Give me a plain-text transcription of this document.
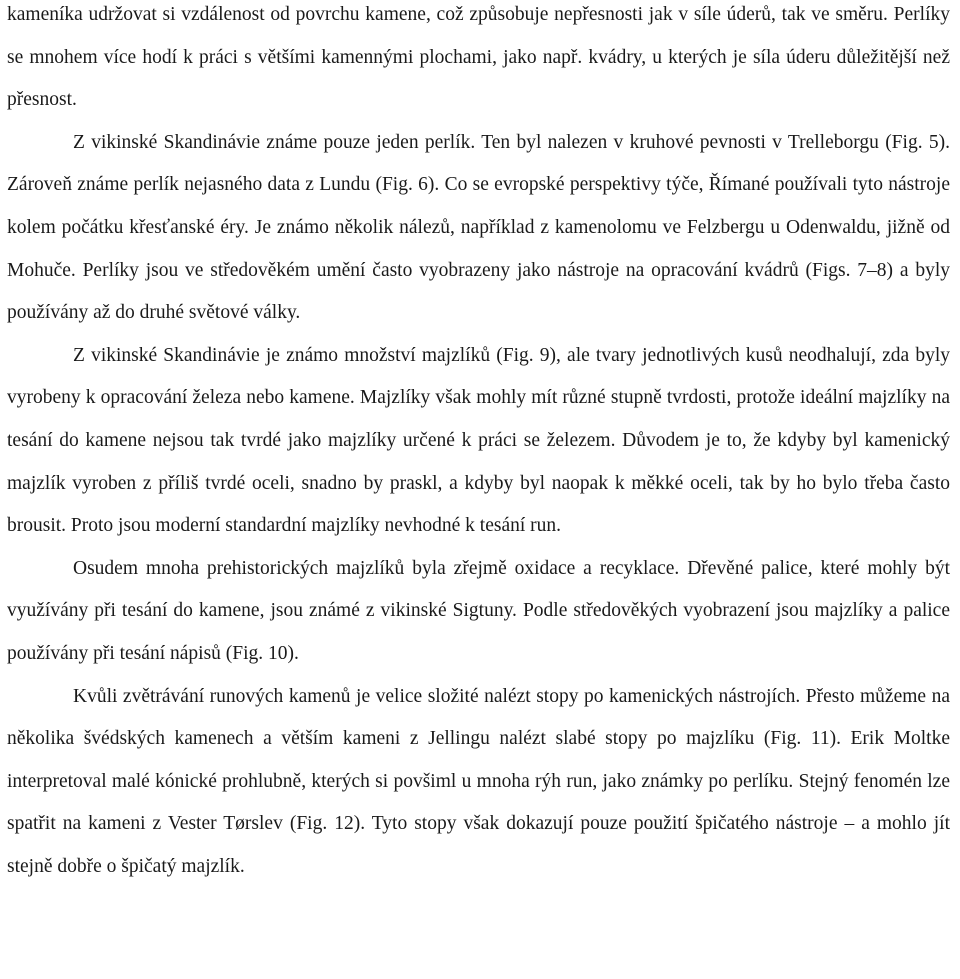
kameníka udržovat si vzdálenost od povrchu kamene, což způsobuje nepřesnosti jak v síle úderů, tak ve směru. Perlíky se mnohem více hodí k práci s většími kamennými plochami, jako např. kvádry, u kterých je síla úderu důležitější než přesnost.

Z vikinské Skandinávie známe pouze jeden perlík. Ten byl nalezen v kruhové pevnosti v Trelleborgu (Fig. 5). Zároveň známe perlík nejasného data z Lundu (Fig. 6). Co se evropské perspektivy týče, Římané používali tyto nástroje kolem počátku křesťanské éry. Je známo několik nálezů, například z kamenolomu ve Felzbergu u Odenwaldu, jižně od Mohuče. Perlíky jsou ve středověkém umění často vyobrazeny jako nástroje na opracování kvádrů (Figs. 7–8) a byly používány až do druhé světové války.

Z vikinské Skandinávie je známo množství majzlíků (Fig. 9), ale tvary jednotlivých kusů neodhalují, zda byly vyrobeny k opracování železa nebo kamene. Majzlíky však mohly mít různé stupně tvrdosti, protože ideální majzlíky na tesání do kamene nejsou tak tvrdé jako majzlíky určené k práci se železem. Důvodem je to, že kdyby byl kamenický majzlík vyroben z příliš tvrdé oceli, snadno by praskl, a kdyby byl naopak k měkké oceli, tak by ho bylo třeba často brousit. Proto jsou moderní standardní majzlíky nevhodné k tesání run.

Osudem mnoha prehistorických majzlíků byla zřejmě oxidace a recyklace. Dřevěné palice, které mohly být využívány při tesání do kamene, jsou známé z vikinské Sigtuny. Podle středověkých vyobrazení jsou majzlíky a palice používány při tesání nápisů (Fig. 10).

Kvůli zvětrávání runových kamenů je velice složité nalézt stopy po kamenických nástrojích. Přesto můžeme na několika švédských kamenech a větším kameni z Jellingu nalézt slabé stopy po majzlíku (Fig. 11). Erik Moltke interpretoval malé kónické prohlubně, kterých si povšiml u mnoha rýh run, jako známky po perlíku. Stejný fenomén lze spatřit na kameni z Vester Tørslev (Fig. 12). Tyto stopy však dokazují pouze použití špičatého nástroje – a mohlo jít stejně dobře o špičatý majzlík.
